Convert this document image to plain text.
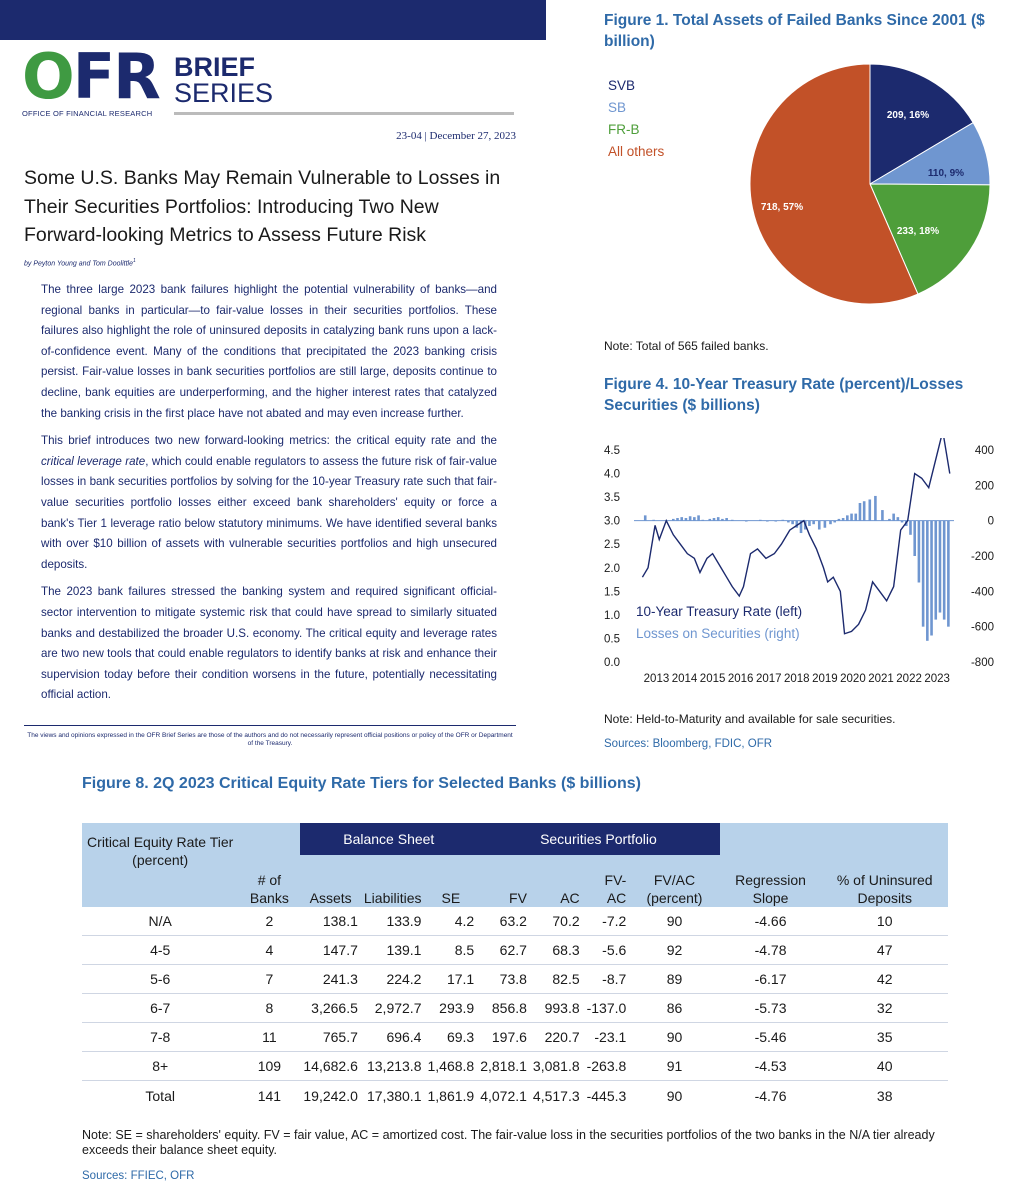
OFR BRIEF
SERIES
OFFICE OF FINANCIAL RESEARCH
23-04 | December 27, 2023
Some U.S. Banks May Remain Vulnerable to Losses in Their Securities Portfolios: Introducing Two New Forward-looking Metrics to Assess Future Risk
by Peyton Young and Tom Doolittle$^1$

The three large 2023 bank failures highlight the potential vulnerability of banks—and regional banks in particular—to fair-value losses in their securities portfolios. These failures also highlight the role of uninsured deposits in catalyzing bank runs upon a lack-of-confidence event. Many of the conditions that precipitated the 2023 banking crisis persist. Fair-value losses in bank securities portfolios are still large, deposits continue to decline, bank equities are underperforming, and the higher interest rates that catalyzed the banking crisis in the first place have not abated and may even increase further.

This brief introduces two new forward-looking metrics: the critical equity rate and the critical leverage rate, which could enable regulators to assess the future risk of fair-value losses in bank securities portfolios by solving for the 10-year Treasury rate such that fair-value securities portfolio losses either exceed bank shareholders' equity or force a bank's Tier 1 leverage ratio below statutory minimums. We have identified several banks with over $10 billion of assets with vulnerable securities portfolios and high unsecured deposits.

The 2023 bank failures stressed the banking system and required significant official-sector intervention to mitigate systemic risk that could have spread to similarly situated banks and destabilized the broader U.S. economy. The critical equity and leverage rates are two new tools that could enable regulators to identify banks at risk and enhance their supervision today before their condition worsens in the future, potentially necessitating official action.

The views and opinions expressed in the OFR Brief Series are those of the authors and do not necessarily represent official positions or policy of the OFR or Department of the Treasury.
Figure 1. Total Assets of Failed Banks Since 2001 ($ billion)
SVB
SB
FR-B
All others
209, 16%
110, 9%
233, 18%
718, 57%
Note: Total of 565 failed banks.
Figure 4. 10-Year Treasury Rate (percent)/Losses Securities ($ billions)
0.0
0.5
1.0
1.5
2.0
2.5
3.0
3.5
4.0
4.5
-800
-600
-400
-200
0
200
400
2013 2014 2015 2016 2017 2018 2019 2020 2021 2022 2023
10-Year Treasury Rate (left)
Losses on Securities (right)
Note: Held-to-Maturity and available for sale securities.
Sources: Bloomberg, FDIC, OFR
Figure 8. 2Q 2023 Critical Equity Rate Tiers for Selected Banks ($ billions)
Critical Equity Rate Tier (percent)	# of Banks	Balance Sheet			Securities Portfolio				Regression Slope	% of Uninsured Deposits
		Assets	Liabilities	SE	FV	AC	FV-AC	FV/AC (percent)		
N/A	2	138.1	133.9	4.2	63.2	70.2	-7.2	90	-4.66	10
4-5	4	147.7	139.1	8.5	62.7	68.3	-5.6	92	-4.78	47
5-6	7	241.3	224.2	17.1	73.8	82.5	-8.7	89	-6.17	42
6-7	8	3,266.5	2,972.7	293.9	856.8	993.8	-137.0	86	-5.73	32
7-8	11	765.7	696.4	69.3	197.6	220.7	-23.1	90	-5.46	35
8+	109	14,682.6	13,213.8	1,468.8	2,818.1	3,081.8	-263.8	91	-4.53	40
Total	141	19,242.0	17,380.1	1,861.9	4,072.1	4,517.3	-445.3	90	-4.76	38
Note: SE = shareholders' equity. FV = fair value, AC = amortized cost. The fair-value loss in the securities portfolios of the two banks in the N/A tier already exceeds their balance sheet equity.
Sources: FFIEC, OFR
